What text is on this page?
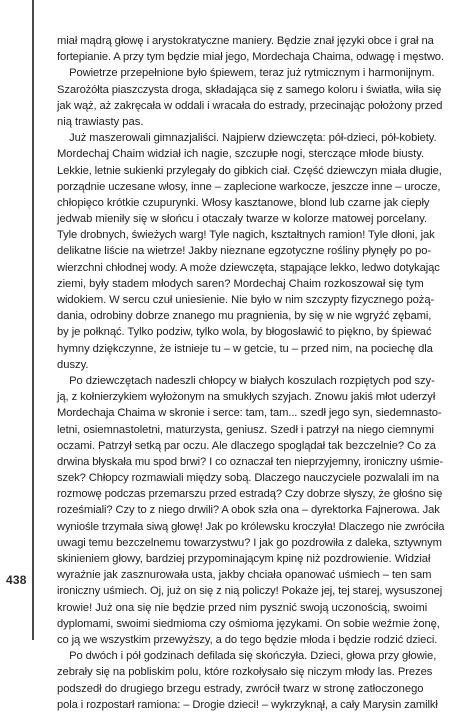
miał mądrą głowę i arystokratyczne maniery. Będzie znał języki obce i grał na

fortepianie. A przy tym będzie miał jego, Mordechaja Chaima, odwagę i męstwo.

Powietrze przepełnione było śpiewem, teraz już rytmicznym i harmonijnym.

Szarożółta piaszczysta droga, składająca się z samego koloru i światła, wiła się

jak wąż, aż zakręcała w oddali i wracała do estrady, przecinając położony przed

nią trawiasty pas.

Już maszerowali gimnazjaliści. Najpierw dziewczęta: pół-dzieci, pół-kobiety.

Mordechaj Chaim widział ich nagie, szczupłe nogi, sterczące młode biusty.

Lekkie, letnie sukienki przylegały do gibkich ciał. Część dziewczyn miała długie,

porządnie uczesane włosy, inne – zaplecione warkocze, jeszcze inne – urocze,

chłopięco krótkie czupurynki. Włosy kasztanowe, blond lub czarne jak ciepły

jedwab mieniły się w słońcu i otaczały twarze w kolorze matowej porcelany.

Tyle drobnych, świeżych warg! Tyle nagich, kształtnych ramion! Tyle dłoni, jak

delikatne liście na wietrze! Jakby nieznane egzotyczne rośliny płynęły po po-

wierzchni chłodnej wody. A może dziewczęta, stąpające lekko, ledwo dotykając

ziemi, były stadem młodych saren? Mordechaj Chaim rozkoszował się tym

widokiem. W sercu czuł uniesienie. Nie było w nim szczypty fizycznego pożą-

dania, odrobiny dobrze znanego mu pragnienia, by się w nie wgryźć zębami,

by je połknąć. Tylko podziw, tylko wola, by błogosławić to piękno, by śpiewać

hymny dziękczynne, że istnieje tu – w getcie, tu – przed nim, na pociechę dla

duszy.

Po dziewczętach nadeszli chłopcy w białych koszulach rozpiętych pod szy-

ją, z kołnierzykiem wyłożonym na smukłych szyjach. Znowu jakiś młot uderzył

Mordechaja Chaima w skronie i serce: tam, tam... szedł jego syn, siedemnasto-

letni, osiemnastoletni, maturzysta, geniusz. Szedł i patrzył na niego ciemnymi

oczami. Patrzył setką par oczu. Ale dlaczego spoglądał tak bezczelnie? Co za

drwina błyskała mu spod brwi? I co oznaczał ten nieprzyjemny, ironiczny uśmie-

szek? Chłopcy rozmawiali między sobą. Dlaczego nauczyciele pozwalali im na

rozmowę podczas przemarszu przed estradą? Czy dobrze słyszy, że głośno się

roześmiali? Czy to z niego drwili? A obok szła ona – dyrektorka Fajnerowa. Jak

wyniośle trzymała siwą głowę! Jak po królewsku kroczyła! Dlaczego nie zwróciła

uwagi temu bezczelnemu towarzystwu? I jak go pozdrowiła z daleka, sztywnym

skinieniem głowy, bardziej przypominającym kpinę niż pozdrowienie. Widział

wyraźnie jak zasznurowała usta, jakby chciała opanować uśmiech – ten sam

ironiczny uśmiech. Oj, już on się z nią policzy! Pokaże jej, tej starej, wysuszonej

krowie! Już ona się nie będzie przed nim pysznić swoją uczonością, swoimi

dyplomami, swoimi siedmioma czy ośmioma językami. On sobie weźmie żonę,

co ją we wszystkim przewyższy, a do tego będzie młoda i będzie rodzić dzieci.

Po dwóch i pół godzinach defilada się skończyła. Dzieci, głowa przy głowie,

zebrały się na pobliskim polu, które rozkołysało się niczym młody las. Prezes

podszedł do drugiego brzegu estrady, zwrócił twarz w stronę zatłoczonego

pola i rozpostarł ramiona: – Drogie dzieci! – wykrzyknął, a cały Marysin zamilkł

438
